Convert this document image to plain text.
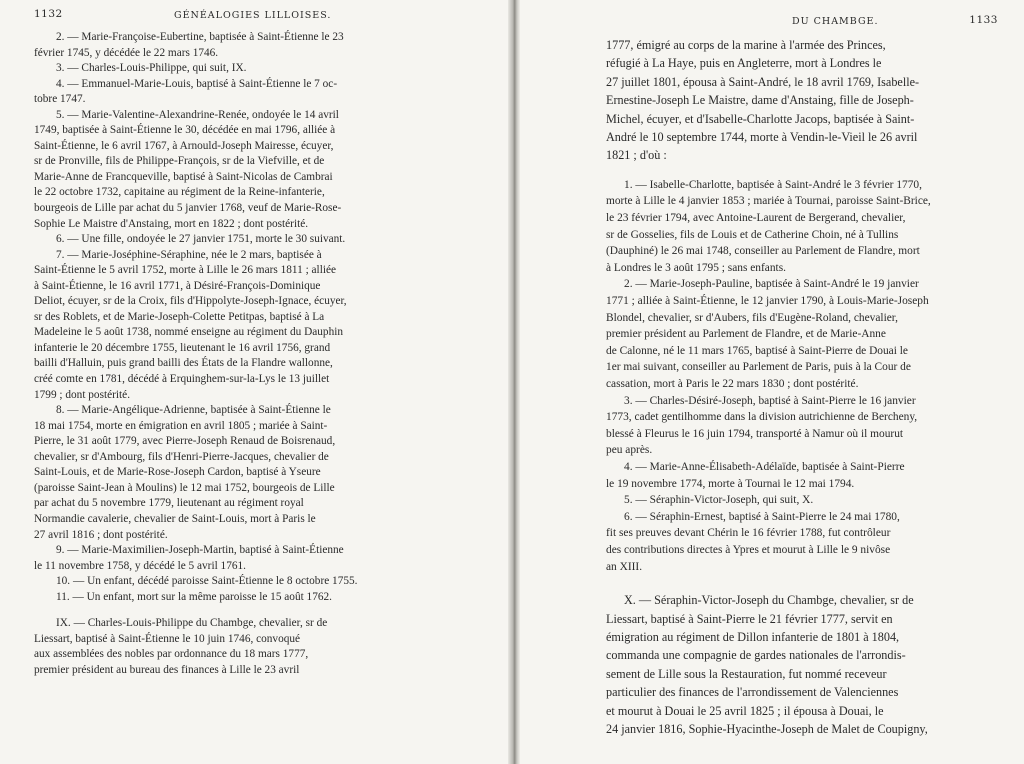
1132	GÉNÉALOGIES LILLOISES.
2. — Marie-Françoise-Eubertine, baptisée à Saint-Étienne le 23
février 1745, y décédée le 22 mars 1746.
3. — Charles-Louis-Philippe, qui suit, IX.
4. — Emmanuel-Marie-Louis, baptisé à Saint-Étienne le 7 oc-
tobre 1747.
5. — Marie-Valentine-Alexandrine-Renée, ondoyée le 14 avril
1749, baptisée à Saint-Étienne le 30, décédée en mai 1796, alliée à
Saint-Étienne, le 6 avril 1767, à Arnould-Joseph Mairesse, écuyer,
sr de Pronville, fils de Philippe-François, sr de la Viefville, et de
Marie-Anne de Francqueville, baptisé à Saint-Nicolas de Cambrai
le 22 octobre 1732, capitaine au régiment de la Reine-infanterie,
bourgeois de Lille par achat du 5 janvier 1768, veuf de Marie-Rose-
Sophie Le Maistre d'Anstaing, mort en 1822 ; dont postérité.
6. — Une fille, ondoyée le 27 janvier 1751, morte le 30 suivant.
7. — Marie-Joséphine-Séraphine, née le 2 mars, baptisée à
Saint-Étienne le 5 avril 1752, morte à Lille le 26 mars 1811 ; alliée
à Saint-Étienne, le 16 avril 1771, à Désiré-François-Dominique
Deliot, écuyer, sr de la Croix, fils d'Hippolyte-Joseph-Ignace, écuyer,
sr des Roblets, et de Marie-Joseph-Colette Petitpas, baptisé à La
Madeleine le 5 août 1738, nommé enseigne au régiment du Dauphin
infanterie le 20 décembre 1755, lieutenant le 16 avril 1756, grand
bailli d'Halluin, puis grand bailli des États de la Flandre wallonne,
créé comte en 1781, décédé à Erquinghem-sur-la-Lys le 13 juillet
1799 ; dont postérité.
8. — Marie-Angélique-Adrienne, baptisée à Saint-Étienne le
18 mai 1754, morte en émigration en avril 1805 ; mariée à Saint-
Pierre, le 31 août 1779, avec Pierre-Joseph Renaud de Boisrenaud,
chevalier, sr d'Ambourg, fils d'Henri-Pierre-Jacques, chevalier de
Saint-Louis, et de Marie-Rose-Joseph Cardon, baptisé à Yseure
(paroisse Saint-Jean à Moulins) le 12 mai 1752, bourgeois de Lille
par achat du 5 novembre 1779, lieutenant au régiment royal
Normandie cavalerie, chevalier de Saint-Louis, mort à Paris le
27 avril 1816 ; dont postérité.
9. — Marie-Maximilien-Joseph-Martin, baptisé à Saint-Étienne
le 11 novembre 1758, y décédé le 5 avril 1761.
10. — Un enfant, décédé paroisse Saint-Étienne le 8 octobre 1755.
11. — Un enfant, mort sur la même paroisse le 15 août 1762.
IX. — Charles-Louis-Philippe du Chambge, chevalier, sr de
Liessart, baptisé à Saint-Étienne le 10 juin 1746, convoqué
aux assemblées des nobles par ordonnance du 18 mars 1777,
premier président au bureau des finances à Lille le 23 avril
DU CHAMBGE.	1133
1777, émigré au corps de la marine à l'armée des Princes,
réfugié à La Haye, puis en Angleterre, mort à Londres le
27 juillet 1801, épousa à Saint-André, le 18 avril 1769, Isabelle-
Ernestine-Joseph Le Maistre, dame d'Anstaing, fille de Joseph-
Michel, écuyer, et d'Isabelle-Charlotte Jacops, baptisée à Saint-
André le 10 septembre 1744, morte à Vendin-le-Vieil le 26 avril
1821 ; d'où :
1. — Isabelle-Charlotte, baptisée à Saint-André le 3 février 1770,
morte à Lille le 4 janvier 1853 ; mariée à Tournai, paroisse Saint-Brice,
le 23 février 1794, avec Antoine-Laurent de Bergerand, chevalier,
sr de Gosselies, fils de Louis et de Catherine Choin, né à Tullins
(Dauphiné) le 26 mai 1748, conseiller au Parlement de Flandre, mort
à Londres le 3 août 1795 ; sans enfants.
2. — Marie-Joseph-Pauline, baptisée à Saint-André le 19 janvier
1771 ; alliée à Saint-Étienne, le 12 janvier 1790, à Louis-Marie-Joseph
Blondel, chevalier, sr d'Aubers, fils d'Eugène-Roland, chevalier,
premier président au Parlement de Flandre, et de Marie-Anne
de Calonne, né le 11 mars 1765, baptisé à Saint-Pierre de Douai le
1er mai suivant, conseiller au Parlement de Paris, puis à la Cour de
cassation, mort à Paris le 22 mars 1830 ; dont postérité.
3. — Charles-Désiré-Joseph, baptisé à Saint-Pierre le 16 janvier
1773, cadet gentilhomme dans la division autrichienne de Bercheny,
blessé à Fleurus le 16 juin 1794, transporté à Namur où il mourut
peu après.
4. — Marie-Anne-Élisabeth-Adélaïde, baptisée à Saint-Pierre
le 19 novembre 1774, morte à Tournai le 12 mai 1794.
5. — Séraphin-Victor-Joseph, qui suit, X.
6. — Séraphin-Ernest, baptisé à Saint-Pierre le 24 mai 1780,
fit ses preuves devant Chérin le 16 février 1788, fut contrôleur
des contributions directes à Ypres et mourut à Lille le 9 nivôse
an XIII.
X. — Séraphin-Victor-Joseph du Chambge, chevalier, sr de
Liessart, baptisé à Saint-Pierre le 21 février 1777, servit en
émigration au régiment de Dillon infanterie de 1801 à 1804,
commanda une compagnie de gardes nationales de l'arrondis-
sement de Lille sous la Restauration, fut nommé receveur
particulier des finances de l'arrondissement de Valenciennes
et mourut à Douai le 25 avril 1825 ; il épousa à Douai, le
24 janvier 1816, Sophie-Hyacinthe-Joseph de Malet de Coupigny,
